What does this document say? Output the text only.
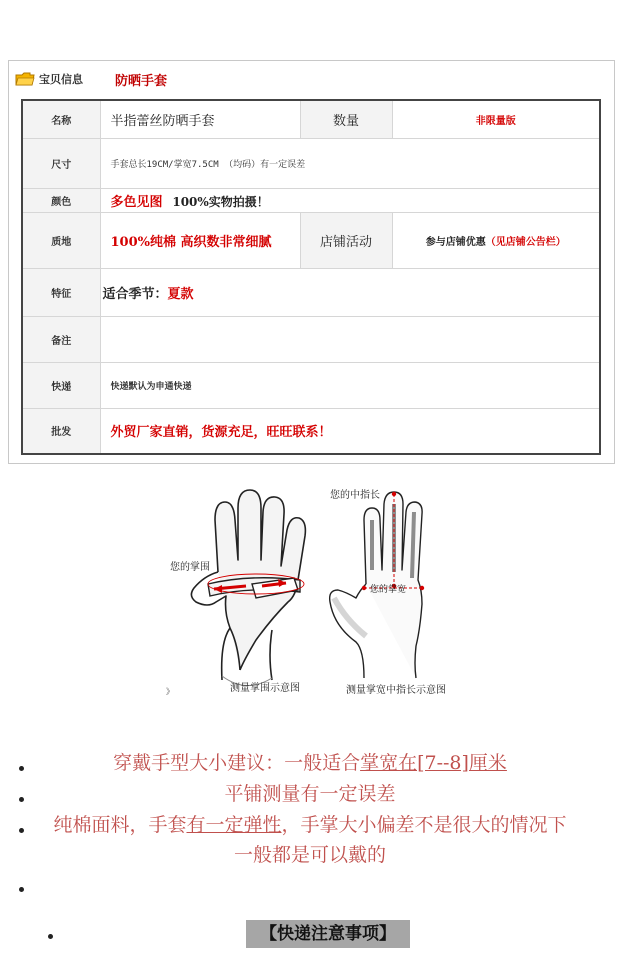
宝贝信息 防晒手套
名称	半指蕾丝防晒手套	数量	非限量版
尺寸	手套总长19CM/掌宽7.5CM （均码）有一定误差		
颜色	多色见图 100%实物拍摄！		
质地	100%纯棉 高织数非常细腻	店铺活动	参与店铺优惠（见店铺公告栏）
特征	适合季节：夏款		
备注			
快递	快递默认为申通快递		
批发	外贸厂家直销，货源充足，旺旺联系！		
您的掌围
您的中指长
您的掌宽
测量掌围示意图	测量掌宽中指长示意图
》
穿戴手型大小建议：一般适合掌宽在[7--8]厘米
平铺测量有一定误差
纯棉面料，手套有一定弹性，手掌大小偏差不是很大的情况下
一般都是可以戴的
【快递注意事项】
